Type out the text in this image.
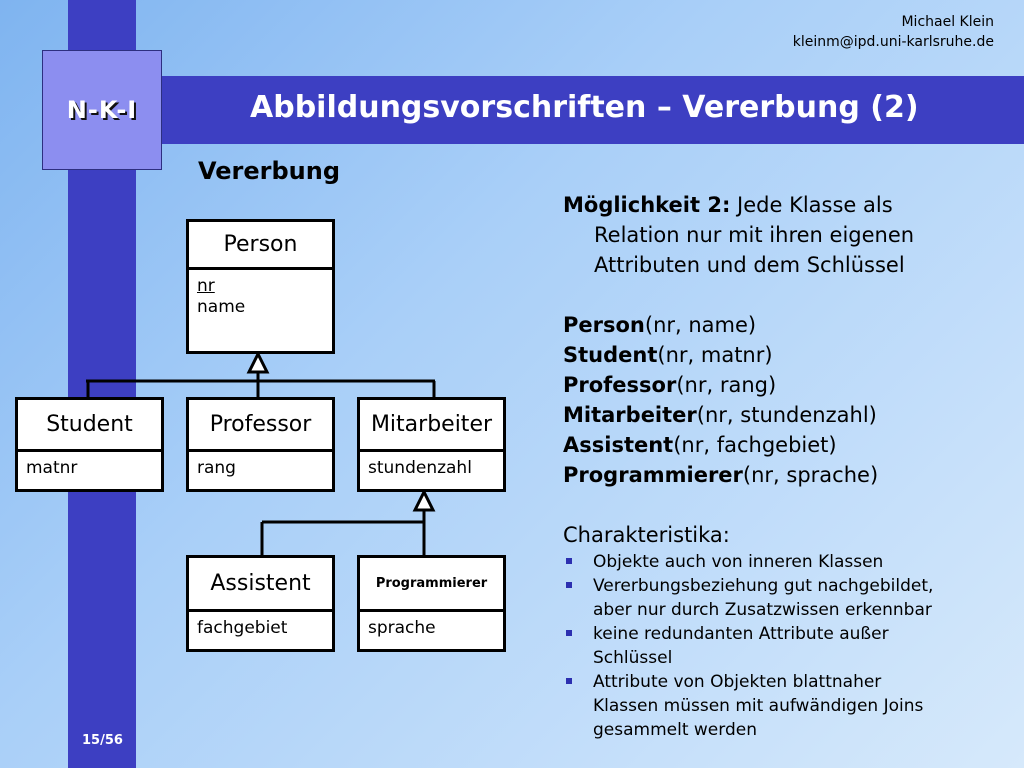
N-K-I	Abbildungsvorschriften – Vererbung (2)
Michael Klein
kleinm@ipd.uni-karlsruhe.de
15/56
Vererbung
Person
nr
name
Student
matnr
Professor
rang
Mitarbeiter
stundenzahl
Assistent
fachgebiet
Programmierer
sprache

Möglichkeit 2: Jede Klasse als
Relation nur mit ihren eigenen
Attributen und dem Schlüssel

Person(nr, name)
Student(nr, matnr)
Professor(nr, rang)
Mitarbeiter(nr, stundenzahl)
Assistent(nr, fachgebiet)
Programmierer(nr, sprache)
Charakteristika:
Objekte auch von inneren Klassen
Vererbungsbeziehung gut nachgebildet,
aber nur durch Zusatzwissen erkennbar
keine redundanten Attribute außer
Schlüssel
Attribute von Objekten blattnaher
Klassen müssen mit aufwändigen Joins
gesammelt werden
